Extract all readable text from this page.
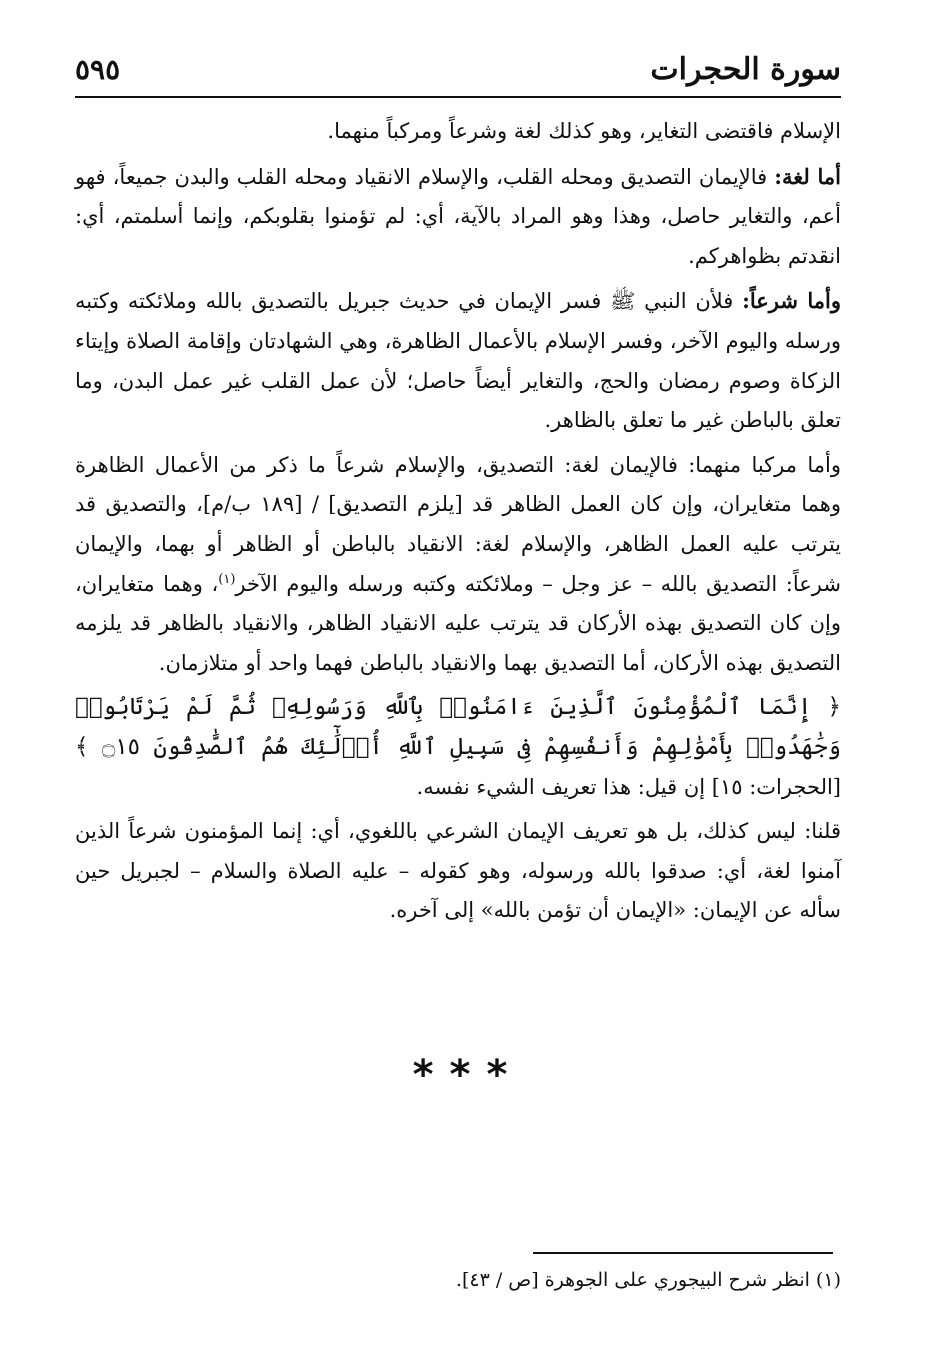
سورة الحجرات
٥٩٥

الإسلام فاقتضى التغاير، وهو كذلك لغة وشرعاً ومركباً منهما.

أما لغة: فالإيمان التصديق ومحله القلب، والإسلام الانقياد ومحله القلب والبدن جميعاً، فهو أعم، والتغاير حاصل، وهذا وهو المراد بالآية، أي: لم تؤمنوا بقلوبكم، وإنما أسلمتم، أي: انقدتم بظواهركم.

وأما شرعاً: فلأن النبي ﷺ فسر الإيمان في حديث جبريل بالتصديق بالله وملائكته وكتبه ورسله واليوم الآخر، وفسر الإسلام بالأعمال الظاهرة، وهي الشهادتان وإقامة الصلاة وإيتاء الزكاة وصوم رمضان والحج، والتغاير أيضاً حاصل؛ لأن عمل القلب غير عمل البدن، وما تعلق بالباطن غير ما تعلق بالظاهر.

وأما مركبا منهما: فالإيمان لغة: التصديق، والإسلام شرعاً ما ذكر من الأعمال الظاهرة وهما متغايران، وإن كان العمل الظاهر قد [يلزم التصديق] / [١٨٩ ب/م]، والتصديق قد يترتب عليه العمل الظاهر، والإسلام لغة: الانقياد بالباطن أو الظاهر أو بهما، والإيمان شرعاً: التصديق بالله – عز وجل – وملائكته وكتبه ورسله واليوم الآخر$^{(١)}$، وهما متغايران، وإن كان التصديق بهذه الأركان قد يترتب عليه الانقياد الظاهر، والانقياد بالظاهر قد يلزمه التصديق بهذه الأركان، أما التصديق بهما والانقياد بالباطن فهما واحد أو متلازمان.

﴿ إِنَّمَا ٱلْمُؤْمِنُونَ ٱلَّذِينَ ءَامَنُوا۟ بِٱللَّهِ وَرَسُولِهِۦ ثُمَّ لَمْ يَرْتَابُوا۟ وَجَٰهَدُوا۟ بِأَمْوَٰلِهِمْ وَأَنفُسِهِمْ فِى سَبِيلِ ٱللَّهِ أُو۟لَٰٓئِكَ هُمُ ٱلصَّٰدِقُونَ ۝١٥ ﴾ [الحجرات: ١٥] إن قيل: هذا تعريف الشيء نفسه.

قلنا: ليس كذلك، بل هو تعريف الإيمان الشرعي باللغوي، أي: إنما المؤمنون شرعاً الذين آمنوا لغة، أي: صدقوا بالله ورسوله، وهو كقوله – عليه الصلاة والسلام – لجبريل حين سأله عن الإيمان: «الإيمان أن تؤمن بالله» إلى آخره.

***
(١) انظر شرح البيجوري على الجوهرة [ص / ٤٣].
